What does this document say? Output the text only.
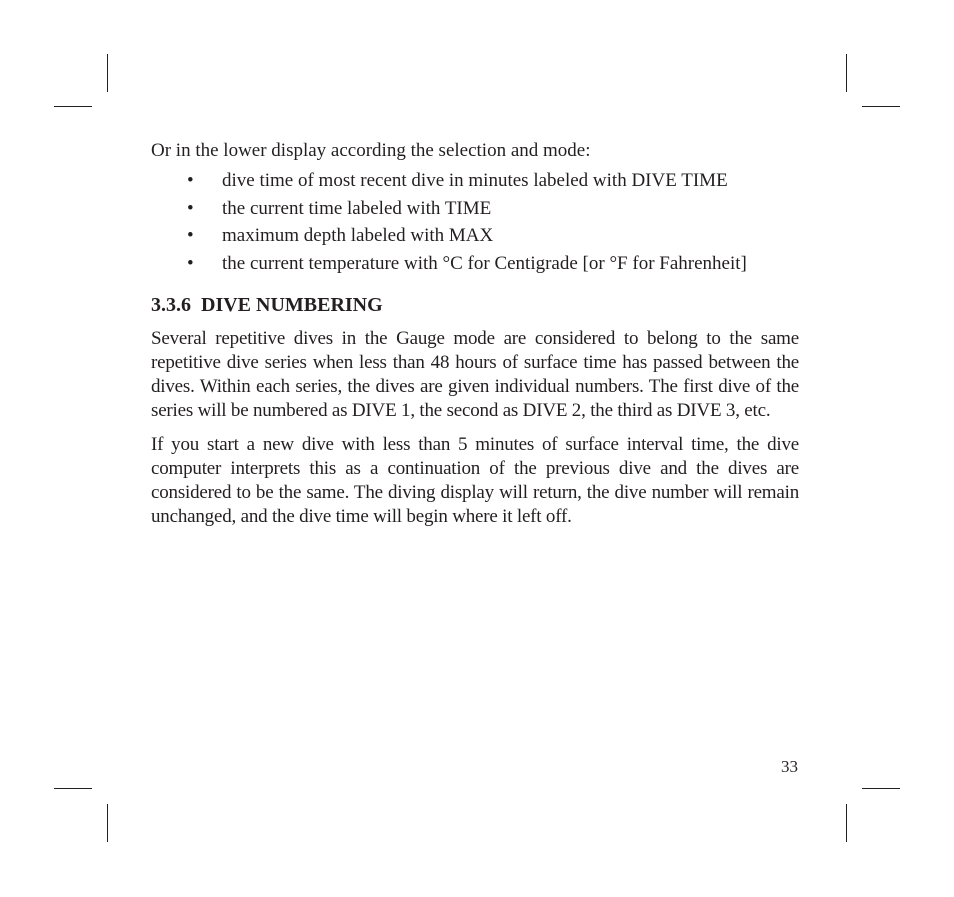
Or in the lower display according the selection and mode:

• dive time of most recent dive in minutes labeled with DIVE TIME
• the current time labeled with TIME
• maximum depth labeled with MAX
• the current temperature with °C for Centigrade [or °F for Fahrenheit]
3.3.6 DIVE NUMBERING

Several repetitive dives in the Gauge mode are considered to belong to the same repetitive dive series when less than 48 hours of surface time has passed between the dives. Within each series, the dives are given individual numbers. The first dive of the series will be numbered as DIVE 1, the second as DIVE 2, the third as DIVE 3, etc.

If you start a new dive with less than 5 minutes of surface interval time, the dive computer interprets this as a continuation of the previous dive and the dives are considered to be the same. The diving display will return, the dive number will remain unchanged, and the dive time will begin where it left off.

33
